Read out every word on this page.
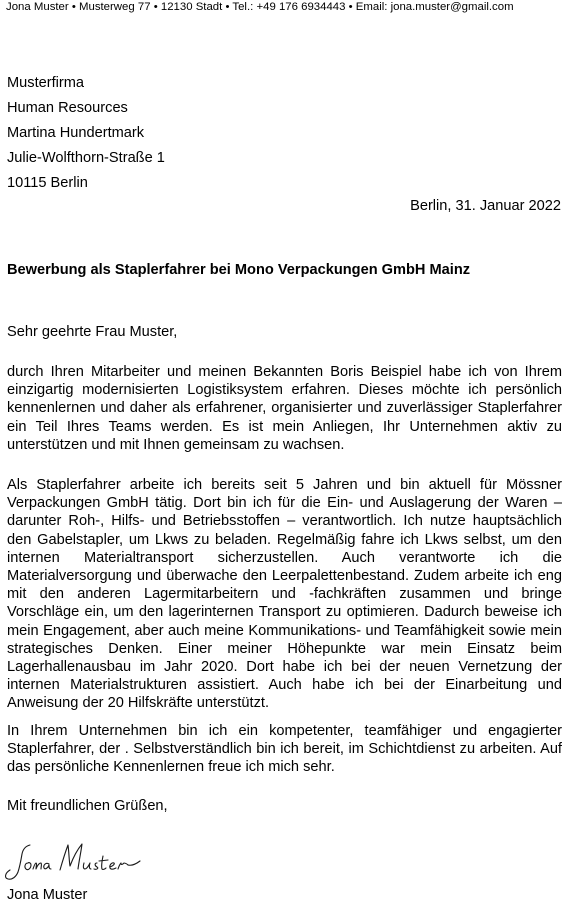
Jona Muster • Musterweg 77 • 12130 Stadt • Tel.: +49 176 6934443 • Email: jona.muster@gmail.com
Musterfirma
Human Resources
Martina Hundertmark
Julie-Wolfthorn-Straße 1
10115 Berlin
Berlin, 31. Januar 2022
Bewerbung als Staplerfahrer bei Mono Verpackungen GmbH Mainz
Sehr geehrte Frau Muster,
durch Ihren Mitarbeiter und meinen Bekannten Boris Beispiel habe ich von Ihrem einzigartig modernisierten Logistiksystem erfahren. Dieses möchte ich persönlich kennenlernen und daher als erfahrener, organisierter und zuverlässiger Staplerfahrer ein Teil Ihres Teams werden. Es ist mein Anliegen, Ihr Unternehmen aktiv zu unterstützen und mit Ihnen gemeinsam zu wachsen.
Als Staplerfahrer arbeite ich bereits seit 5 Jahren und bin aktuell für Mössner Verpackungen GmbH tätig. Dort bin ich für die Ein- und Auslagerung der Waren – darunter Roh-, Hilfs- und Betriebsstoffen – verantwortlich. Ich nutze hauptsächlich den Gabelstapler, um Lkws zu beladen. Regelmäßig fahre ich Lkws selbst, um den internen Materialtransport sicherzustellen. Auch verantworte ich die Materialversorgung und überwache den Leerpalettenbestand. Zudem arbeite ich eng mit den anderen Lagermitarbeitern und -fachkräften zusammen und bringe Vorschläge ein, um den lagerinternen Transport zu optimieren. Dadurch beweise ich mein Engagement, aber auch meine Kommunikations- und Teamfähigkeit sowie mein strategisches Denken. Einer meiner Höhepunkte war mein Einsatz beim Lagerhallenausbau im Jahr 2020. Dort habe ich bei der neuen Vernetzung der internen Materialstrukturen assistiert. Auch habe ich bei der Einarbeitung und Anweisung der 20 Hilfskräfte unterstützt.
In Ihrem Unternehmen bin ich ein kompetenter, teamfähiger und engagierter Staplerfahrer, der . Selbstverständlich bin ich bereit, im Schichtdienst zu arbeiten. Auf das persönliche Kennenlernen freue ich mich sehr.
Mit freundlichen Grüßen,
Jona Muster
